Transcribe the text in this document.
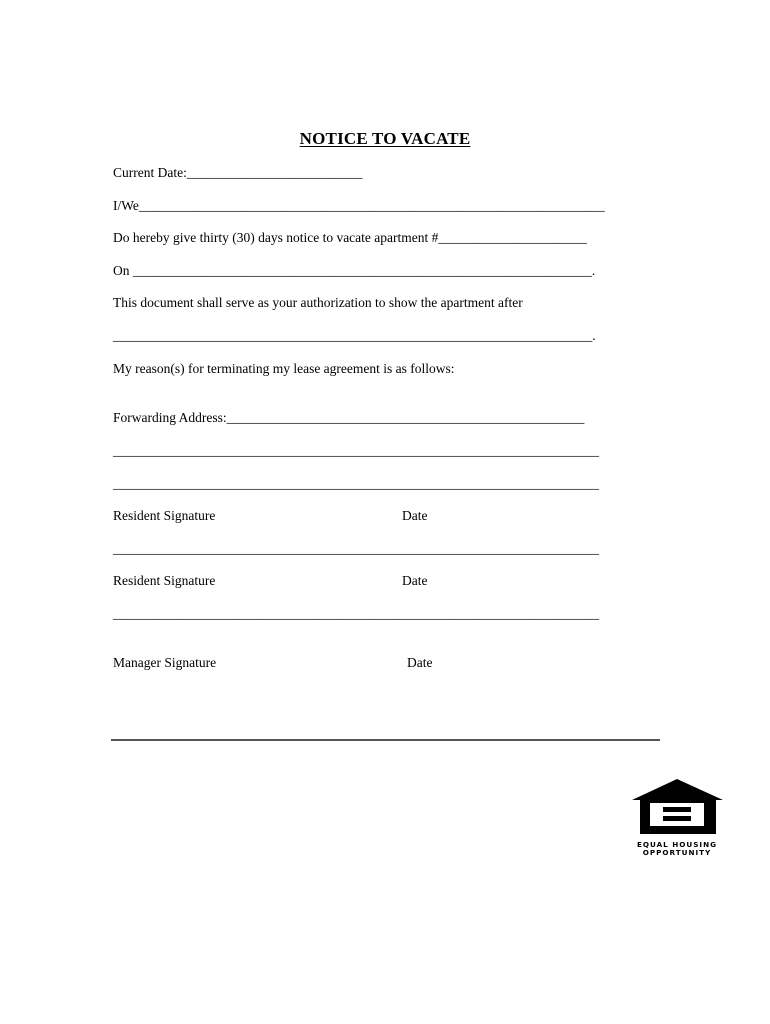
NOTICE TO VACATE
Current Date:__________________________
I/We_____________________________________________________________________
Do hereby give thirty (30) days notice to vacate apartment #______________________
On ____________________________________________________________________.
This document shall serve as your authorization to show the apartment after
_______________________________________________________________________.
My reason(s) for terminating my lease agreement is as follows:
Forwarding Address:_____________________________________________________
________________________________________________________________________
________________________________________________________________________
Resident Signature	Date
________________________________________________________________________
Resident Signature	Date
________________________________________________________________________
Manager Signature	Date
EQUAL HOUSING
OPPORTUNITY
